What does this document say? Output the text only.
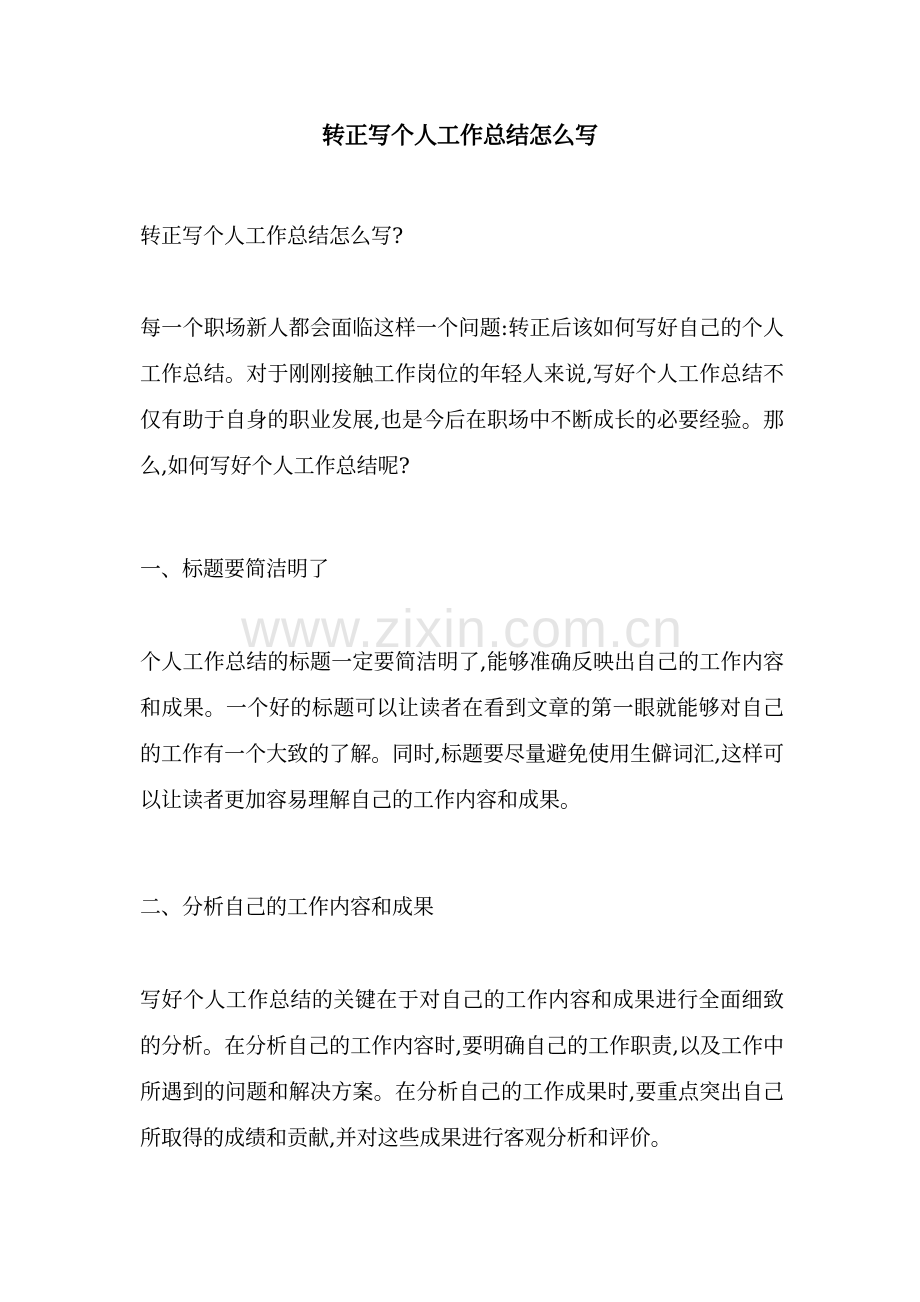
转正写个人工作总结怎么写

转正写个人工作总结怎么写?

每一个职场新人都会面临这样一个问题:转正后该如何写好自己的个人工作总结。对于刚刚接触工作岗位的年轻人来说,写好个人工作总结不仅有助于自身的职业发展,也是今后在职场中不断成长的必要经验。那么,如何写好个人工作总结呢?

一、标题要简洁明了

www.zixin.com.cn

个人工作总结的标题一定要简洁明了,能够准确反映出自己的工作内容和成果。一个好的标题可以让读者在看到文章的第一眼就能够对自己的工作有一个大致的了解。同时,标题要尽量避免使用生僻词汇,这样可以让读者更加容易理解自己的工作内容和成果。

二、分析自己的工作内容和成果

写好个人工作总结的关键在于对自己的工作内容和成果进行全面细致的分析。在分析自己的工作内容时,要明确自己的工作职责,以及工作中所遇到的问题和解决方案。在分析自己的工作成果时,要重点突出自己所取得的成绩和贡献,并对这些成果进行客观分析和评价。
